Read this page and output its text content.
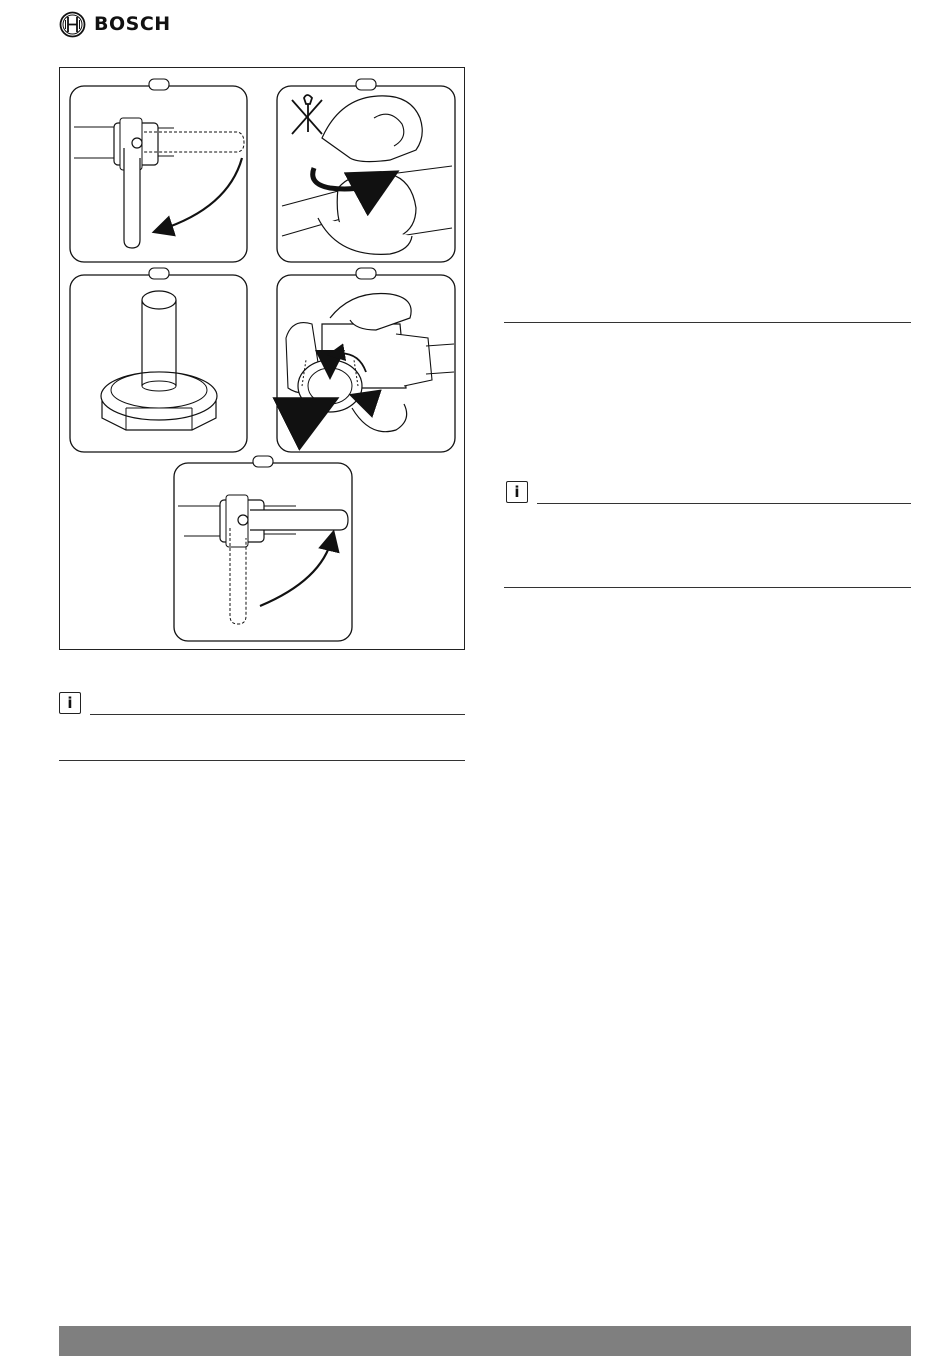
BOSCH
i
i
